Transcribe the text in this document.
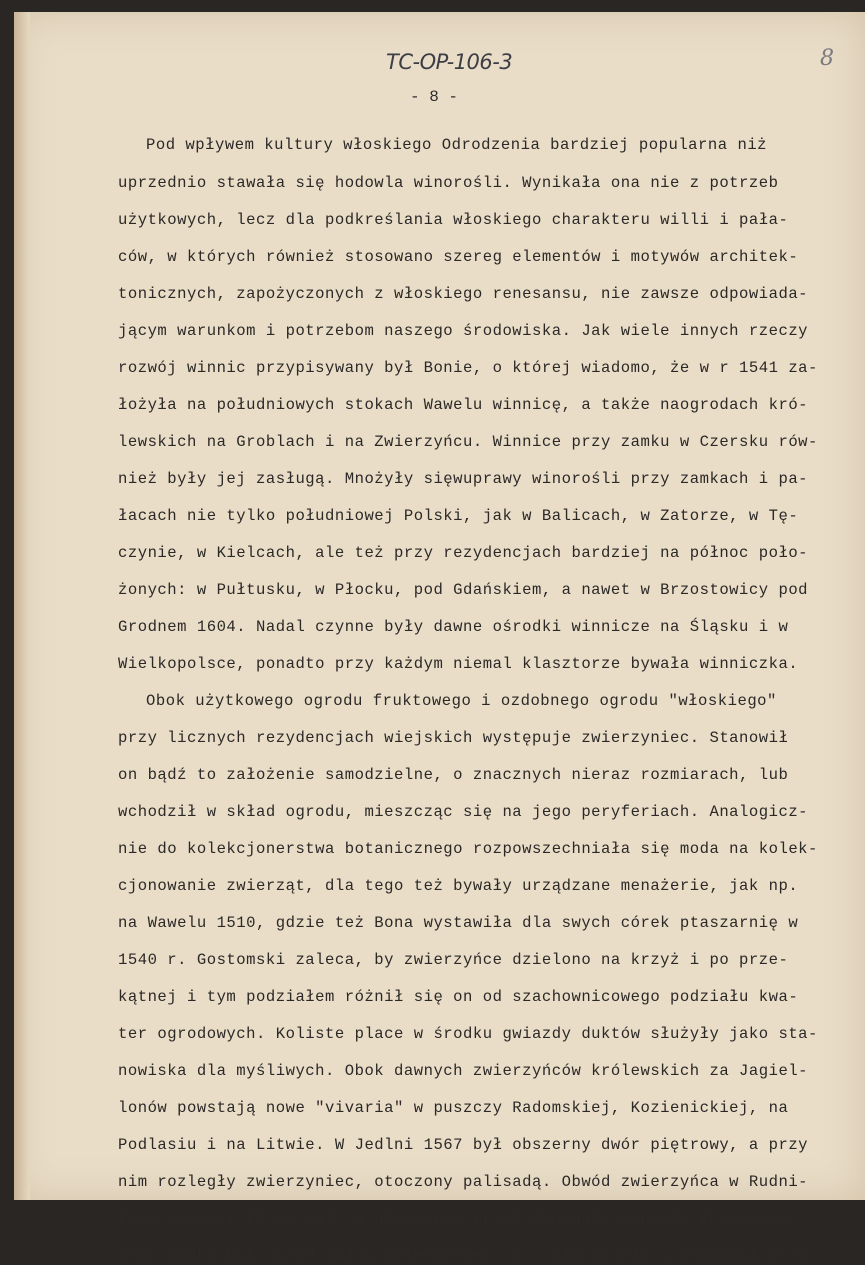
TC-OP-106-3	8

- 8 -

Pod wpływem kultury włoskiego Odrodzenia bardziej popularna niż

uprzednio stawała się hodowla winorośli. Wynikała ona nie z potrzeb

użytkowych, lecz dla podkreślania włoskiego charakteru willi i pała-

ców, w których również stosowano szereg elementów i motywów architek-

tonicznych, zapożyczonych z włoskiego renesansu, nie zawsze odpowiada-

jącym warunkom i potrzebom naszego środowiska. Jak wiele innych rzeczy

rozwój winnic przypisywany był Bonie, o której wiadomo, że w r 1541 za-

łożyła na południowych stokach Wawelu winnicę, a także naogrodach kró-

lewskich na Groblach i na Zwierzyńcu. Winnice przy zamku w Czersku rów-

nież były jej zasługą. Mnożyły sięwuprawy winorośli przy zamkach i pa-

łacach nie tylko południowej Polski, jak w Balicach, w Zatorze, w Tę-

czynie, w Kielcach, ale też przy rezydencjach bardziej na północ poło-

żonych: w Pułtusku, w Płocku, pod Gdańskiem, a nawet w Brzostowicy pod

Grodnem 1604. Nadal czynne były dawne ośrodki winnicze na Śląsku i w

Wielkopolsce, ponadto przy każdym niemal klasztorze bywała winniczka.

Obok użytkowego ogrodu fruktowego i ozdobnego ogrodu "włoskiego"

przy licznych rezydencjach wiejskich występuje zwierzyniec. Stanowił

on bądź to założenie samodzielne, o znacznych nieraz rozmiarach, lub

wchodził w skład ogrodu, mieszcząc się na jego peryferiach. Analogicz-

nie do kolekcjonerstwa botanicznego rozpowszechniała się moda na kolek-

cjonowanie zwierząt, dla tego też bywały urządzane menażerie, jak np.

na Wawelu 1510, gdzie też Bona wystawiła dla swych córek ptaszarnię w

1540 r. Gostomski zaleca, by zwierzyńce dzielono na krzyż i po prze-

kątnej i tym podziałem różnił się on od szachownicowego podziału kwa-

ter ogrodowych. Koliste place w środku gwiazdy duktów służyły jako sta-

nowiska dla myśliwych. Obok dawnych zwierzyńców królewskich za Jagiel-

lonów powstają nowe "vivaria" w puszczy Radomskiej, Kozienickiej, na

Podlasiu i na Litwie. W Jedlni 1567 był obszerny dwór piętrowy, a przy

nim rozległy zwierzyniec, otoczony palisadą. Obwód zwierzyńca w Rudni-

kach wynosił kilka mil. W ulubionym przez Zygmunta Augusta Knyszynie

przy zamku był ogród zwany wzierzyńcem, a w nim kanały i sadzawki oraz
